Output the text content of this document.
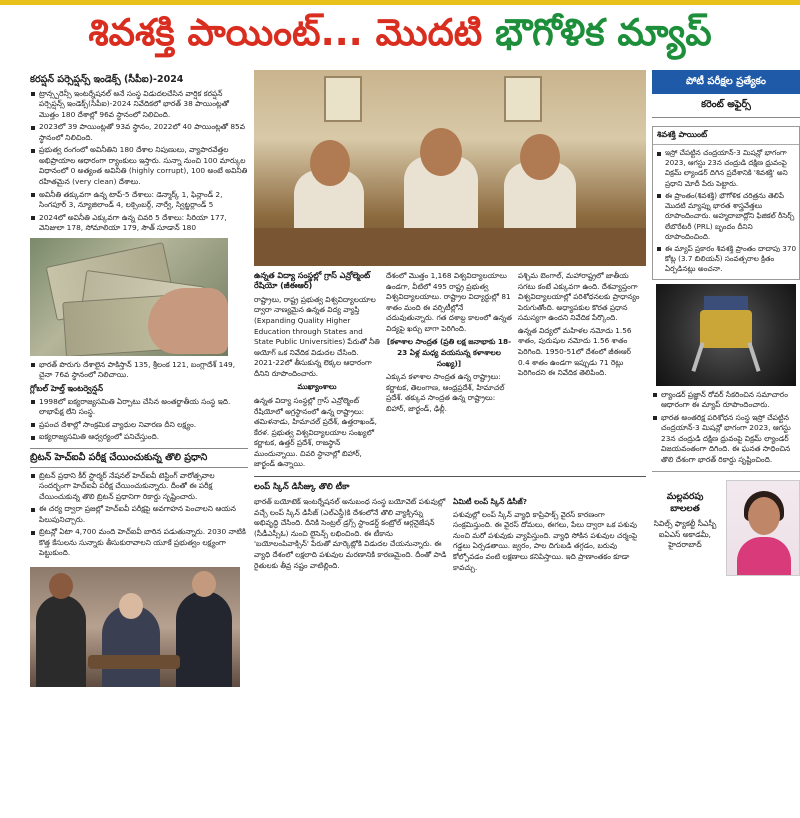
శివశక్తి పాయింట్... మొదటి భౌగోళిక మ్యాప్
కరప్షన్ పర్సెప్షన్స్ ఇండెక్స్ (సీపీఐ)-2024
ట్రాన్స్పరెన్సీ ఇంటర్నేషనల్ అనే సంస్థ విడుదలచేసిన వార్షిక కరప్షన్ పర్సెప్షన్స్ ఇండెక్స్(సీపీఐ)-2024 నివేదికలో భారత్ 38 పాయింట్లతో మొత్తం 180 దేశాల్లో 96వ స్థానంలో నిలిచింది.
2023లో 39 పాయింట్లతో 93వ స్థానం, 2022లో 40 పాయింట్లతో 85వ స్థానంలో నిలిచింది.
ప్రభుత్వ రంగంలో అవినీతిని 180 దేశాల నిపుణులు, వ్యాపారవేత్తల అభిప్రాయాల ఆధారంగా ర్యాంకులు ఇస్తారు. సున్నా నుంచి 100 మార్కుల విధానంలో 0 అత్యంత అవినీతి (highly corrupt), 100 అంటే అవినీతి రహితమైన (very clean) దేశాలు.
అవినీతి తక్కువగా ఉన్న టాప్-5 దేశాలు: డెన్మార్క్ 1, ఫిన్లాండ్ 2, సింగపూర్ 3, న్యూజిలాండ్ 4, లక్సెంబర్గ్, నార్వే, స్విట్జర్లాండ్ 5
2024లో అవినీతి ఎక్కువగా ఉన్న చివరి 5 దేశాలు: సిరియా 177, వెనిజులా 178, సోమాలియా 179, సౌత్ సూడాన్ 180
భారత్ పొరుగు దేశాలైన పాకిస్తాన్ 135, శ్రీలంక 121, బంగ్లాదేశ్ 149, చైనా 76వ స్థానంలో నిలిచాయి.
గ్లోబల్ హెల్త్ ఇంటర్వెన్షన్
1998లో ఐక్యరాజ్యసమితి ఏర్పాటు చేసిన అంతర్జాతీయ సంస్థ ఇది. లాభాపేక్ష లేని సంస్థ.
ప్రపంచ దేశాల్లో సాంక్రమిక వ్యాధుల నివారణ దీని లక్ష్యం.
ఐక్యరాజ్యసమితి ఆధ్వర్యంలో పనిచేస్తుంది.
బ్రిటన్ హెచ్ఐవీ పరీక్ష చేయించుకున్న తొలి ప్రధాని
బ్రిటన్ ప్రధాని కీర్ స్టార్మర్ నేషనల్ హెచ్ఐవీ టెస్టింగ్ వారోత్సవాల సందర్భంగా హెచ్ఐవీ పరీక్ష చేయించుకున్నారు. దీంతో ఈ పరీక్ష చేయించుకున్న తొలి బ్రిటన్ ప్రధానిగా రికార్డు సృష్టించారు.
ఈ చర్య ద్వారా ప్రజల్లో హెచ్ఐవీ పరీక్షపై అవగాహన పెంచాలని ఆయన పిలుపునిచ్చారు.
బ్రిటన్లో ఏటా 4,700 మంది హెచ్ఐవీ బారిన పడుతున్నారు. 2030 నాటికి కొత్త కేసులను సున్నాకు తీసుకురావాలని యూకే ప్రభుత్వం లక్ష్యంగా పెట్టుకుంది.

ఉన్నత విద్యా సంస్థల్లో గ్రాస్ ఎన్రోల్మెంట్ రేషియో (జీఈఆర్)

రాష్ట్రాలు, రాష్ట్ర ప్రభుత్వ విశ్వవిద్యాలయాల ద్వారా నాణ్యమైన ఉన్నత విద్య వ్యాప్తి (Expanding Quality Higher Education through States and State Public Universities) పేరుతో నీతి ఆయోగ్ ఒక నివేదిక విడుదల చేసింది. 2021-22లో తీసుకున్న లెక్కల ఆధారంగా దీనిని రూపొందించారు.

ముఖ్యాంశాలు

ఉన్నత విద్యా సంస్థల్లో గ్రాస్ ఎన్రోల్మెంట్ రేషియోలో అగ్రస్థానంలో ఉన్న రాష్ట్రాలు: తమిళనాడు, హిమాచల్ ప్రదేశ్, ఉత్తరాఖండ్, కేరళ. ప్రభుత్వ విశ్వవిద్యాలయాల సంఖ్యలో కర్ణాటక, ఉత్తర్ ప్రదేశ్, రాజస్థాన్ ముందున్నాయి. చివరి స్థానాల్లో బిహార్, జార్ఖండ్ ఉన్నాయి.

దేశంలో మొత్తం 1,168 విశ్వవిద్యాలయాలు ఉండగా, వీటిలో 495 రాష్ట్ర ప్రభుత్వ విశ్వవిద్యాలయాలు. రాష్ట్రాల విద్యార్థుల్లో 81 శాతం మంది ఈ వర్సిటీల్లోనే చదువుతున్నారు. గత దశాబ్ద కాలంలో ఉన్నత విద్యపై ఖర్చు బాగా పెరిగింది.

[కళాశాల సాంద్రత (ప్రతి లక్ష జనాభాకు 18-23 ఏళ్ల మధ్య వయసున్న కళాశాలల సంఖ్య)]

ఎక్కువ కళాశాల సాంద్రత ఉన్న రాష్ట్రాలు: కర్ణాటక, తెలంగాణ, ఆంధ్రప్రదేశ్, హిమాచల్ ప్రదేశ్. తక్కువ సాంద్రత ఉన్న రాష్ట్రాలు: బిహార్, జార్ఖండ్, ఢిల్లీ.

పశ్చిమ బెంగాల్, మహారాష్ట్రలో జాతీయ సగటు కంటే ఎక్కువగా ఉంది. దేశవ్యాప్తంగా విశ్వవిద్యాలయాల్లో పరిశోధనలకు ప్రాధాన్యం పెరుగుతోంది. అధ్యాపకుల కొరత ప్రధాన సమస్యగా ఉందని నివేదిక పేర్కొంది.

ఉన్నత విద్యలో మహిళల నమోదు 1.56 శాతం, పురుషుల నమోదు 1.56 శాతం పెరిగింది. 1950-51లో దేశంలో జీఈఆర్ 0.4 శాతం ఉండగా ఇప్పుడు 71 రెట్లు పెరిగిందని ఈ నివేదిక తెలిపింది.

లంప్ స్కిన్ డిసీజ్కు తొలి టీకా

భారత్ బయోటెక్ ఇంటర్నేషనల్ అనుబంధ సంస్థ బయోవెట్ పశువుల్లో వచ్చే లంప్ స్కిన్ డిసీజ్ (ఎల్ఎస్డీ)కి దేశంలోనే తొలి వ్యాక్సిన్ను అభివృద్ధి చేసింది. దీనికి సెంట్రల్ డ్రగ్స్ స్టాండర్డ్ కంట్రోల్ ఆర్గనైజేషన్ (సీడీఎస్సీఓ) నుంచి లైసెన్స్ లభించింది. ఈ టీకాను 'బయోలంపివాక్సిన్' పేరుతో మార్కెట్లోకి విడుదల చేయనున్నారు. ఈ వ్యాధి దేశంలో లక్షలాది పశువుల మరణానికి కారణమైంది. దీంతో పాడి రైతులకు తీవ్ర నష్టం వాటిల్లింది.

ఏమిటీ లంప్ స్కిన్ డిసీజ్?

పశువుల్లో లంప్ స్కిన్ వ్యాధి కాప్రిపాక్స్ వైరస్ కారణంగా సంక్రమిస్తుంది. ఈ వైరస్ దోమలు, ఈగలు, పేలు ద్వారా ఒక పశువు నుంచి మరో పశువుకు వ్యాపిస్తుంది. వ్యాధి సోకిన పశువుల చర్మంపై గడ్డలు ఏర్పడతాయి. జ్వరం, పాల దిగుబడి తగ్గడం, బరువు కోల్పోవడం వంటి లక్షణాలు కనిపిస్తాయి. ఇది ప్రాణాంతకం కూడా కావచ్చు.

పోటీ పరీక్షల ప్రత్యేకం
కరెంట్ అఫైర్స్
శివశక్తి పాయింట్
ఇస్రో చేపట్టిన చంద్రయాన్-3 మిషన్లో భాగంగా 2023, ఆగస్టు 23న చంద్రుడి దక్షిణ ధ్రువంపై విక్రమ్ ల్యాండర్ దిగిన ప్రదేశానికి 'శివశక్తి' అని ప్రధాని మోదీ పేరు పెట్టారు.
ఈ ప్రాంతం(శివశక్తి) భౌగోళిక చరిత్రను తెలిపే మొదటి మ్యాప్ను భారత శాస్త్రవేత్తలు రూపొందించారు. అహ్మదాబాద్లోని ఫిజికల్ రీసెర్చ్ లేబొరేటరీ (PRL) బృందం దీనిని రూపొందించింది.
ఈ మ్యాప్ ప్రకారం శివశక్తి ప్రాంతం దాదాపు 370 కోట్ల (3.7 బిలియన్) సంవత్సరాల క్రితం ఏర్పడినట్లు అంచనా.
ల్యాండర్ ప్రజ్ఞాన్ రోవర్ సేకరించిన సమాచారం ఆధారంగా ఈ మ్యాప్ రూపొందించారు.
భారత అంతరిక్ష పరిశోధన సంస్థ ఇస్రో చేపట్టిన చంద్రయాన్-3 మిషన్లో భాగంగా 2023, ఆగస్టు 23న చంద్రుడి దక్షిణ ధ్రువంపై విక్రమ్ ల్యాండర్ విజయవంతంగా దిగింది. ఈ ఘనత సాధించిన తొలి దేశంగా భారత్ రికార్డు సృష్టించింది.
మల్లవరపు బాలలత
సివిల్స్ ఫ్యాకల్టీ సీఎస్బీ ఐఏఎస్ అకాడమీ, హైదరాబాద్
